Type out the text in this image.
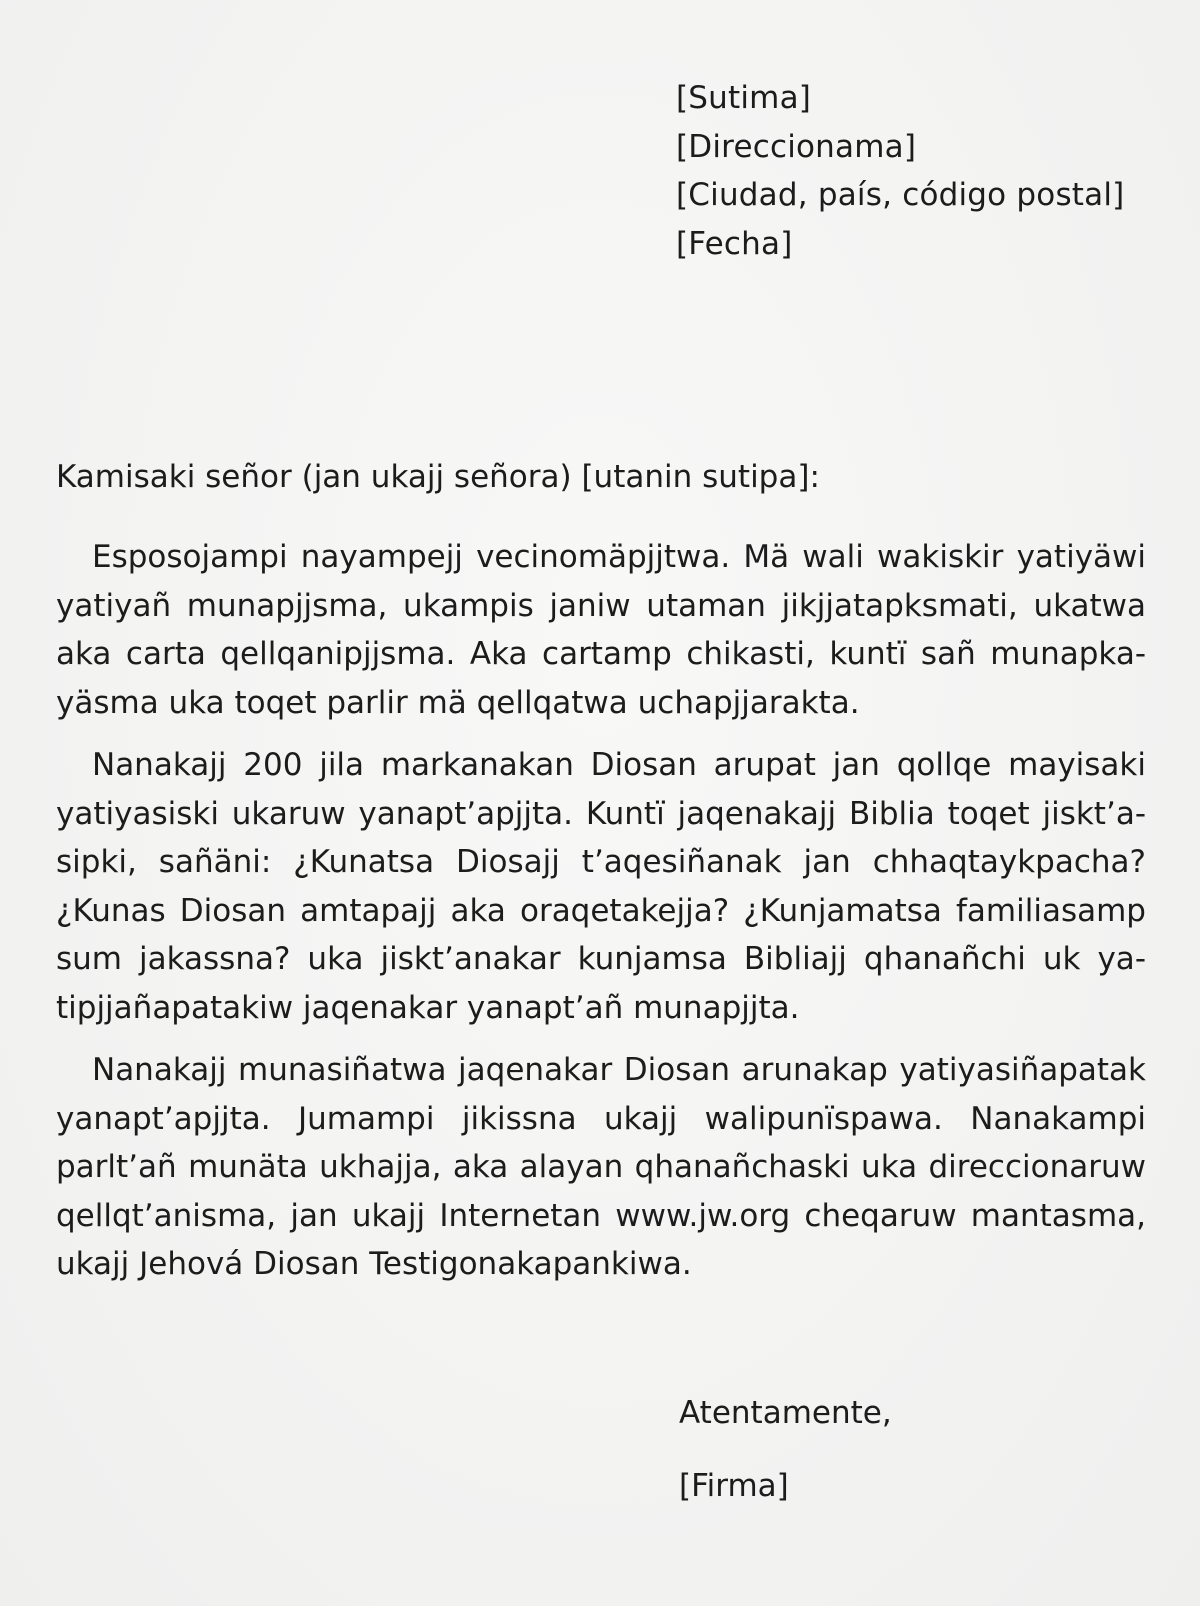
[Sutima]
[Direccionama]
[Ciudad, país, código postal]
[Fecha]
Kamisaki señor (jan ukajj señora) [utanin sutipa]:

Esposojampi nayampejj vecinomäpjjtwa. Mä wali wakiskir yatiyäwi yatiyañ munapjjsma, ukampis janiw utaman jikjjatapksmati, ukatwa aka carta qellqanipjjsma. Aka cartamp chikasti, kuntï sañ munapkayäsma uka toqet parlir mä qellqatwa uchapjjarakta.

Nanakajj 200 jila markanakan Diosan arupat jan qollqe mayisaki yatiyasiski ukaruw yanapt’apjjta. Kuntï jaqenakajj Biblia toqet jiskt’asipki, sañäni: ¿Kunatsa Diosajj t’aqesiñanak jan chhaqtaykpacha? ¿Kunas Diosan amtapajj aka oraqetakejja? ¿Kunjamatsa familiasamp sum jakassna? uka jiskt’anakar kunjamsa Bibliajj qhanañchi uk yatipjjañapatakiw jaqenakar yanapt’añ munapjjta.

Nanakajj munasiñatwa jaqenakar Diosan arunakap yatiyasiñapatak yanapt’apjjta. Jumampi jikissna ukajj walipunïspawa. Nanakampi parlt’añ munäta ukhajja, aka alayan qhanañchaski uka direccionaruw qellqt’anisma, jan ukajj Internetan www.jw.org cheqaruw mantasma, ukajj Jehová Diosan Testigonakapankiwa.

Atentamente,
[Firma]
